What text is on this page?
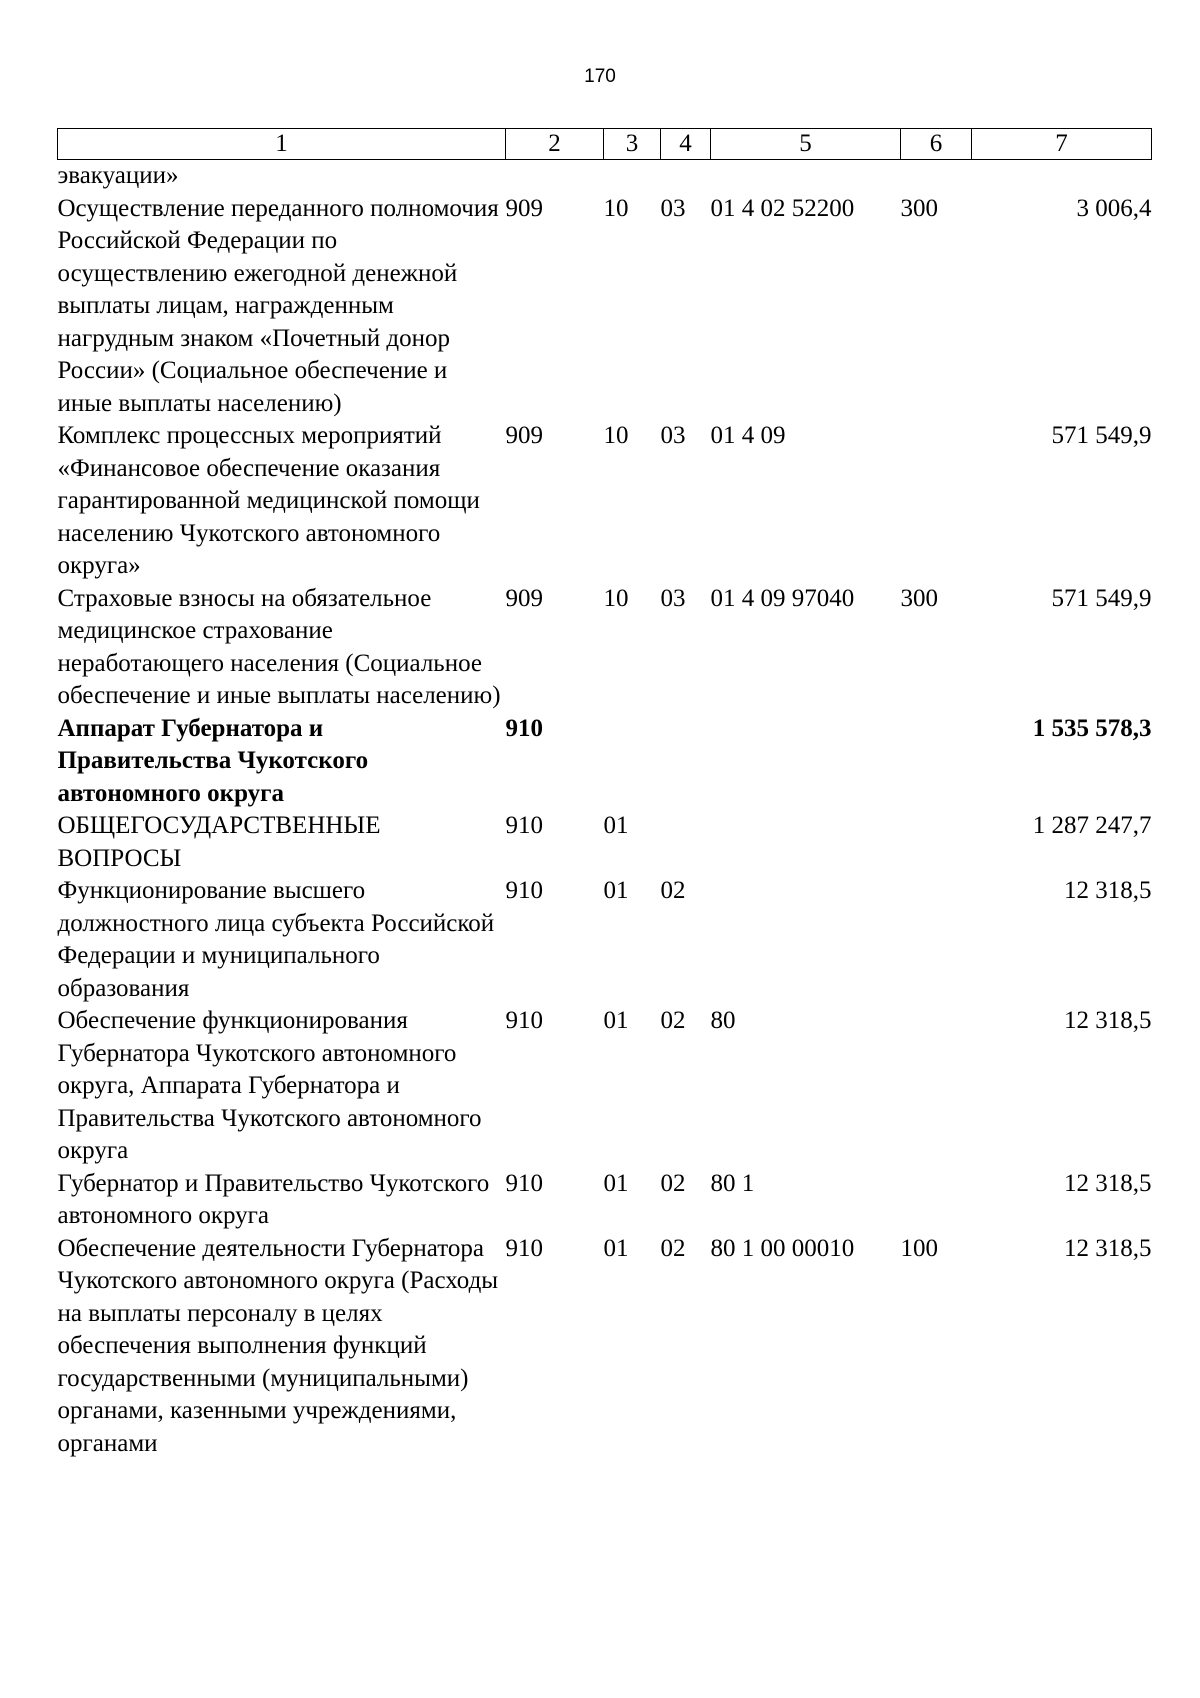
170
1	2	3	4	5	6	7
эвакуации»						
Осуществление переданного полномочия Российской Федерации по осуществлению ежегодной денежной выплаты лицам, награжденным нагрудным знаком «Почетный донор России» (Социальное обеспечение и иные выплаты населению)	909	10	03	01 4 02 52200	300	3 006,4
Комплекс процессных мероприятий «Финансовое обеспечение оказания гарантированной медицинской помощи населению Чукотского автономного округа»	909	10	03	01 4 09		571 549,9
Страховые взносы на обязательное медицинское страхование неработающего населения (Социальное обеспечение и иные выплаты населению)	909	10	03	01 4 09 97040	300	571 549,9
Аппарат Губернатора и Правительства Чукотского автономного округа	910					1 535 578,3
ОБЩЕГОСУДАРСТВЕННЫЕ ВОПРОСЫ	910	01				1 287 247,7
Функционирование высшего должностного лица субъекта Российской Федерации и муниципального образования	910	01	02			12 318,5
Обеспечение функционирования Губернатора Чукотского автономного округа, Аппарата Губернатора и Правительства Чукотского автономного округа	910	01	02	80		12 318,5
Губернатор и Правительство Чукотского автономного округа	910	01	02	80 1		12 318,5
Обеспечение деятельности Губернатора Чукотского автономного округа (Расходы на выплаты персоналу в целях обеспечения выполнения функций государственными (муниципальными) органами, казенными учреждениями, органами	910	01	02	80 1 00 00010	100	12 318,5
